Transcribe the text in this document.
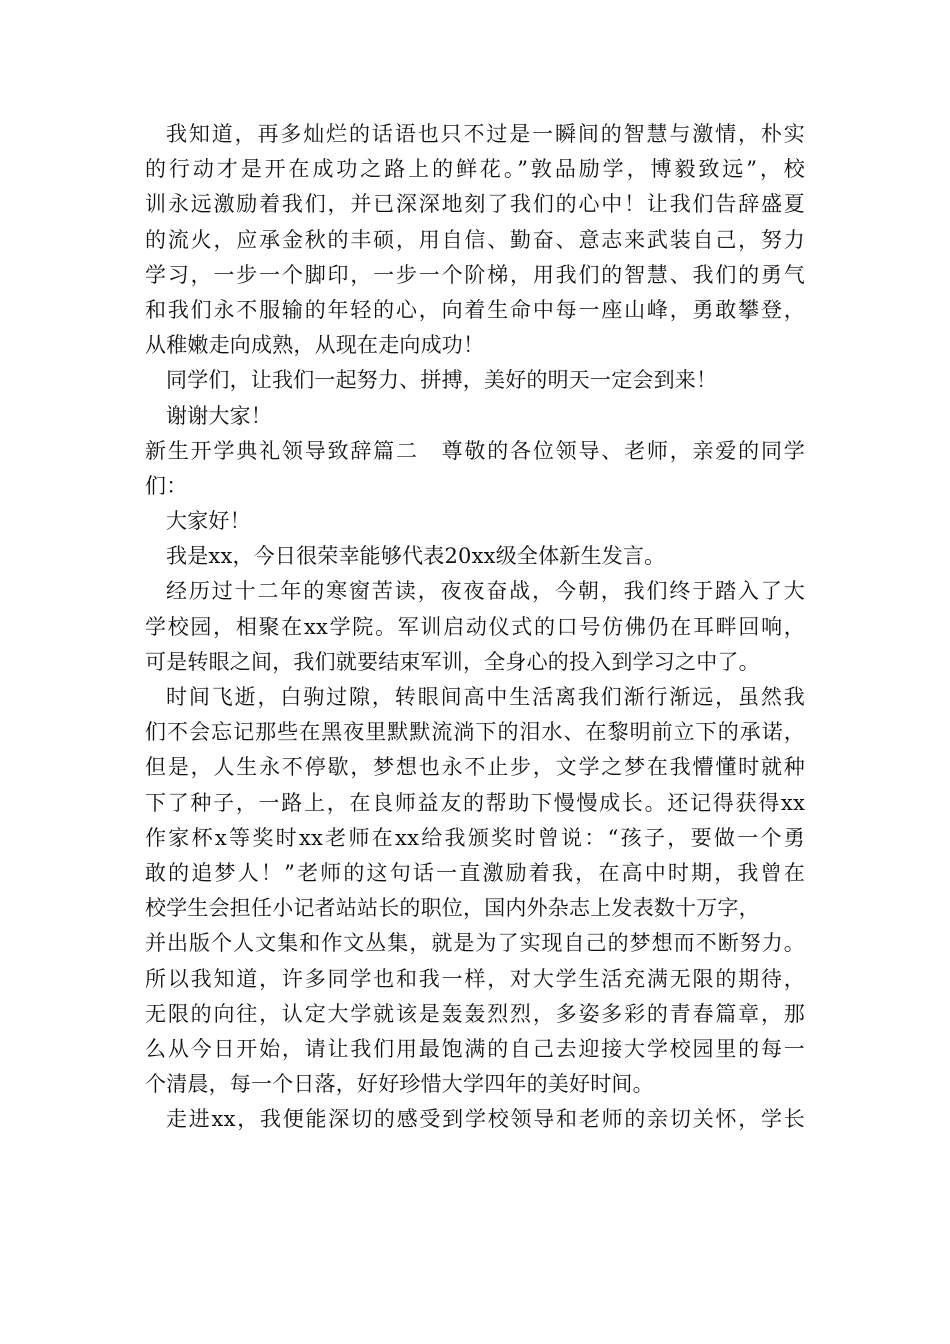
我知道，再多灿烂的话语也只不过是一瞬间的智慧与激情，朴实
的行动才是开在成功之路上的鲜花。”敦品励学，博毅致远”，校
训永远激励着我们，并已深深地刻了我们的心中！让我们告辞盛夏
的流火，应承金秋的丰硕，用自信、勤奋、意志来武装自己，努力
学习，一步一个脚印，一步一个阶梯，用我们的智慧、我们的勇气
和我们永不服输的年轻的心，向着生命中每一座山峰，勇敢攀登，
从稚嫩走向成熟，从现在走向成功！
同学们，让我们一起努力、拼搏，美好的明天一定会到来！
谢谢大家！
新生开学典礼领导致辞篇二　尊敬的各位领导、老师，亲爱的同学
们：
大家好！
我是xx，今日很荣幸能够代表20xx级全体新生发言。
经历过十二年的寒窗苦读，夜夜奋战，今朝，我们终于踏入了大
学校园，相聚在xx学院。军训启动仪式的口号仿佛仍在耳畔回响，
可是转眼之间，我们就要结束军训，全身心的投入到学习之中了。
时间飞逝，白驹过隙，转眼间高中生活离我们渐行渐远，虽然我
们不会忘记那些在黑夜里默默流淌下的泪水、在黎明前立下的承诺，
但是，人生永不停歇，梦想也永不止步，文学之梦在我懵懂时就种
下了种子，一路上，在良师益友的帮助下慢慢成长。还记得获得xx
作家杯x等奖时xx老师在xx给我颁奖时曾说：“孩子，要做一个勇
敢的追梦人！”老师的这句话一直激励着我，在高中时期，我曾在
校学生会担任小记者站站长的职位，国内外杂志上发表数十万字，
并出版个人文集和作文丛集，就是为了实现自己的梦想而不断努力。
所以我知道，许多同学也和我一样，对大学生活充满无限的期待，
无限的向往，认定大学就该是轰轰烈烈，多姿多彩的青春篇章，那
么从今日开始，请让我们用最饱满的自己去迎接大学校园里的每一
个清晨，每一个日落，好好珍惜大学四年的美好时间。
走进xx，我便能深切的感受到学校领导和老师的亲切关怀，学长
